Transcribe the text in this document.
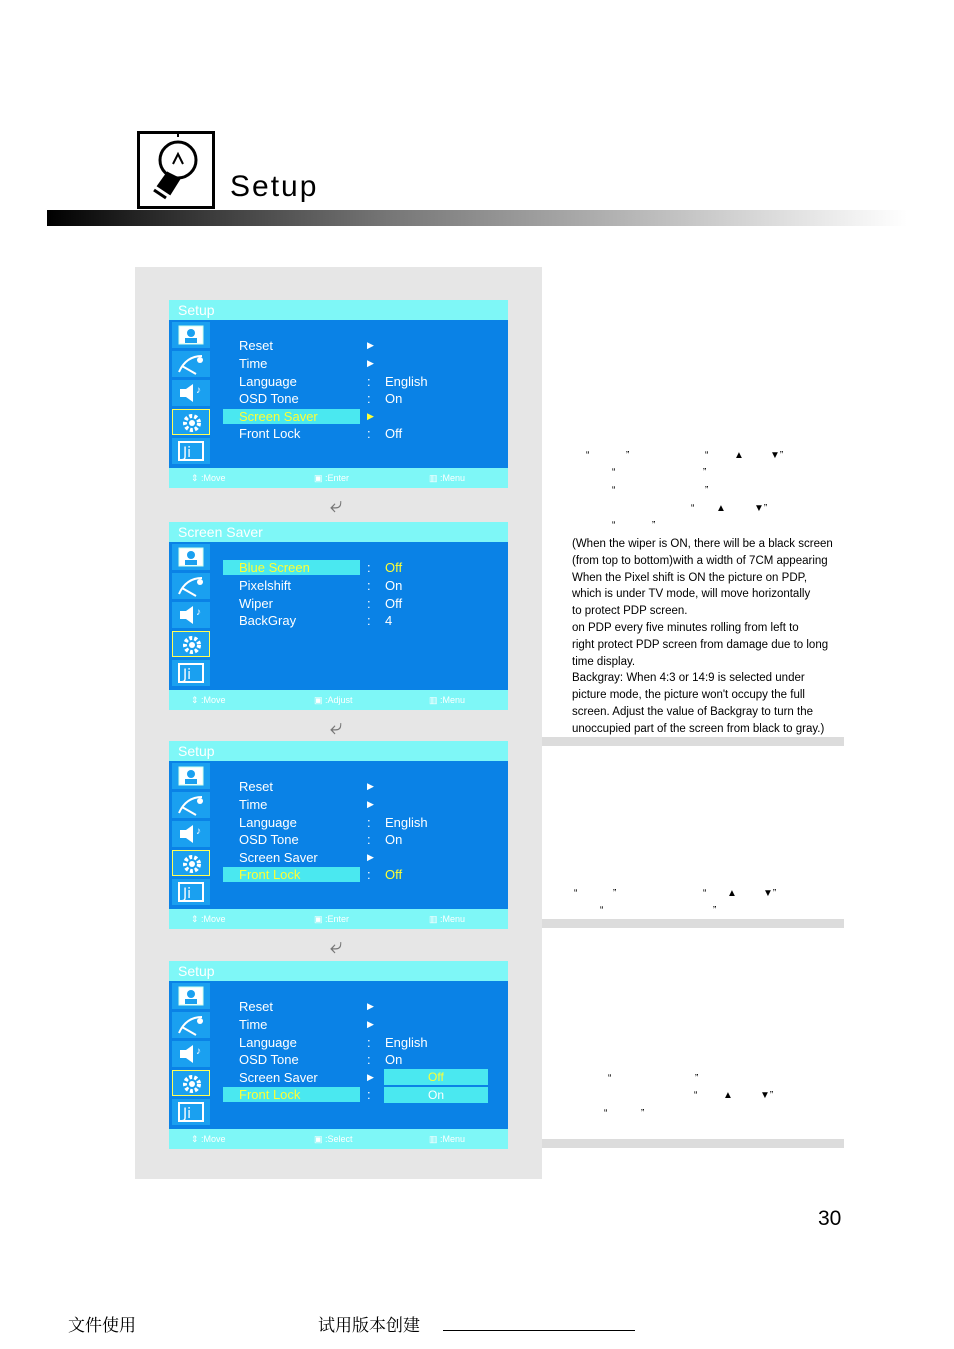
Setup
Setup
♪
Ji
Reset	▶
Time	▶
Language	: English
OSD Tone	: On
Screen Saver	▶
Front Lock	: Off
⇕ :Move	▣ :Enter	▥ :Menu
⤶
Screen Saver
♪
Ji
Blue Screen	: Off
Pixelshift	: On
Wiper	: Off
BackGray	: 4
⇕ :Move	▣ :Adjust	▥ :Menu
⤶
Setup
♪
Ji
Reset	▶
Time	▶
Language	: English
OSD Tone	: On
Screen Saver	▶
Front Lock	: Off
⇕ :Move	▣ :Enter	▥ :Menu
⤶
Setup
♪
Ji
Reset	▶
Time	▶
Language	: English
OSD Tone	: On
Screen Saver	▶
Front Lock	:
Off
On
⇕ :Move	▣ :Select	▥ :Menu
“	”	“	▲	▼”
“	”
“	”
“ ▲	▼”
“	”
(When the wiper is ON, there will be a black screen
(from top to bottom)with a width of 7CM appearing
When the Pixel shift is ON the picture on PDP,
which is under TV mode, will move horizontally
to protect PDP screen.
on PDP every five minutes rolling from left to
right protect PDP screen from damage due to long
time display.
Backgray: When 4:3 or 14:9 is selected under
picture mode, the picture won't occupy the full
screen. Adjust the value of Backgray to turn the
unoccupied part of the screen from black to gray.)
“	”	“ ▲	▼”
“	”
“	”
“	▲	▼”
“	”
30
文件使用	试用版本创建
